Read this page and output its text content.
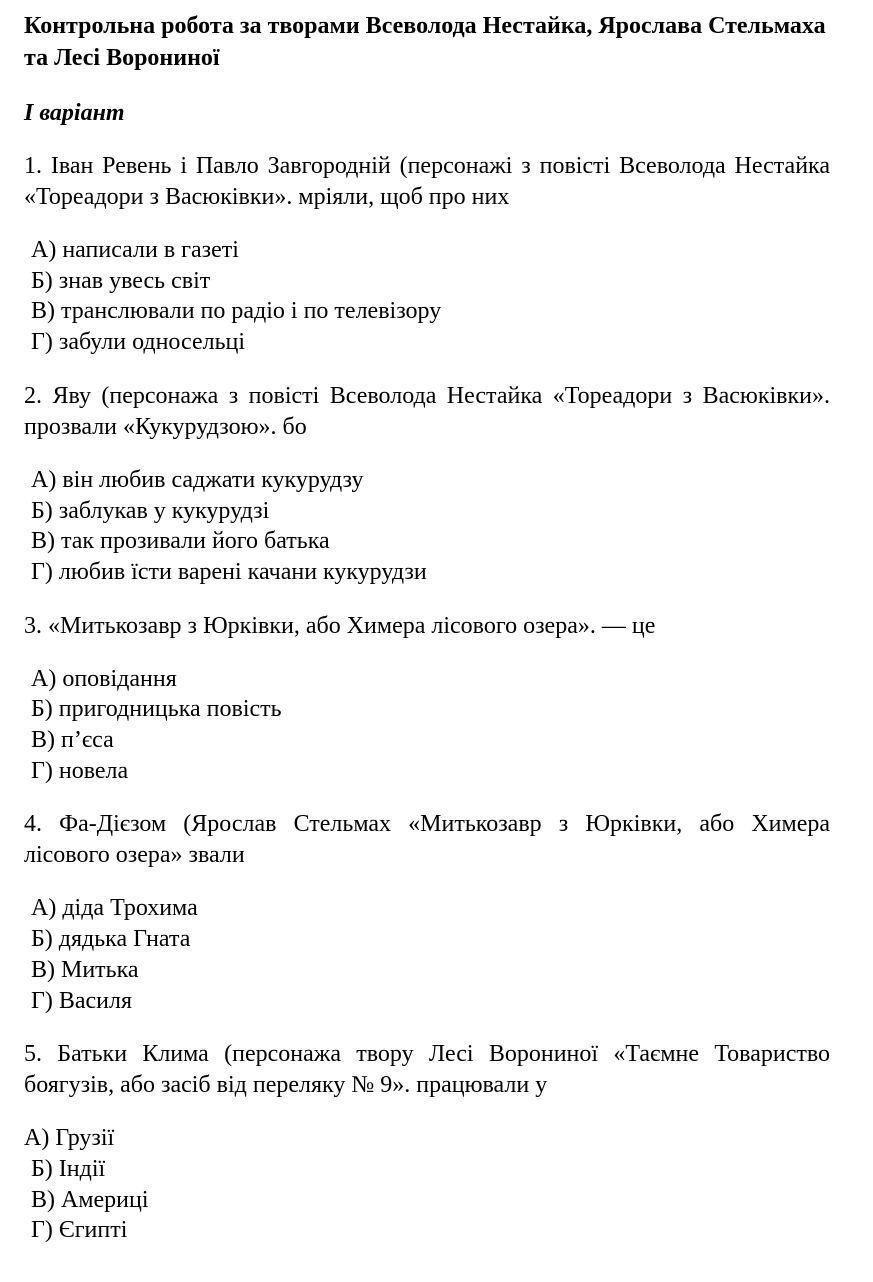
Контрольна робота за творами Всеволода Нестайка, Ярослава Стельмаха та Лесі Ворониної
І варіант

1. Іван Ревень і Павло Завгородній (персонажі з повісті Всеволода Нестайка «Тореадори з Васюківки». мріяли, щоб про них

А) написали в газеті
Б) знав увесь світ
В) транслювали по радіо і по телевізору
Г) забули односельці

2. Яву (персонажа з повісті Всеволода Нестайка «Тореадори з Васюківки». прозвали «Кукурудзою». бо

А) він любив саджати кукурудзу
Б) заблукав у кукурудзі
В) так прозивали його батька
Г) любив їсти варені качани кукурудзи

3. «Митькозавр з Юрківки, або Химера лісового озера». — це

А) оповідання
Б) пригодницька повість
В) п’єса
Г) новела

4. Фа-Дієзом (Ярослав Стельмах «Митькозавр з Юрківки, або Химера лісового озера» звали

А) діда Трохима
Б) дядька Гната
В) Митька
Г) Василя

5. Батьки Клима (персонажа твору Лесі Ворониної «Таємне Товариство боягузів, або засіб від переляку № 9». працювали у

А) Грузії
Б) Індії
В) Америці
Г) Єгипті
